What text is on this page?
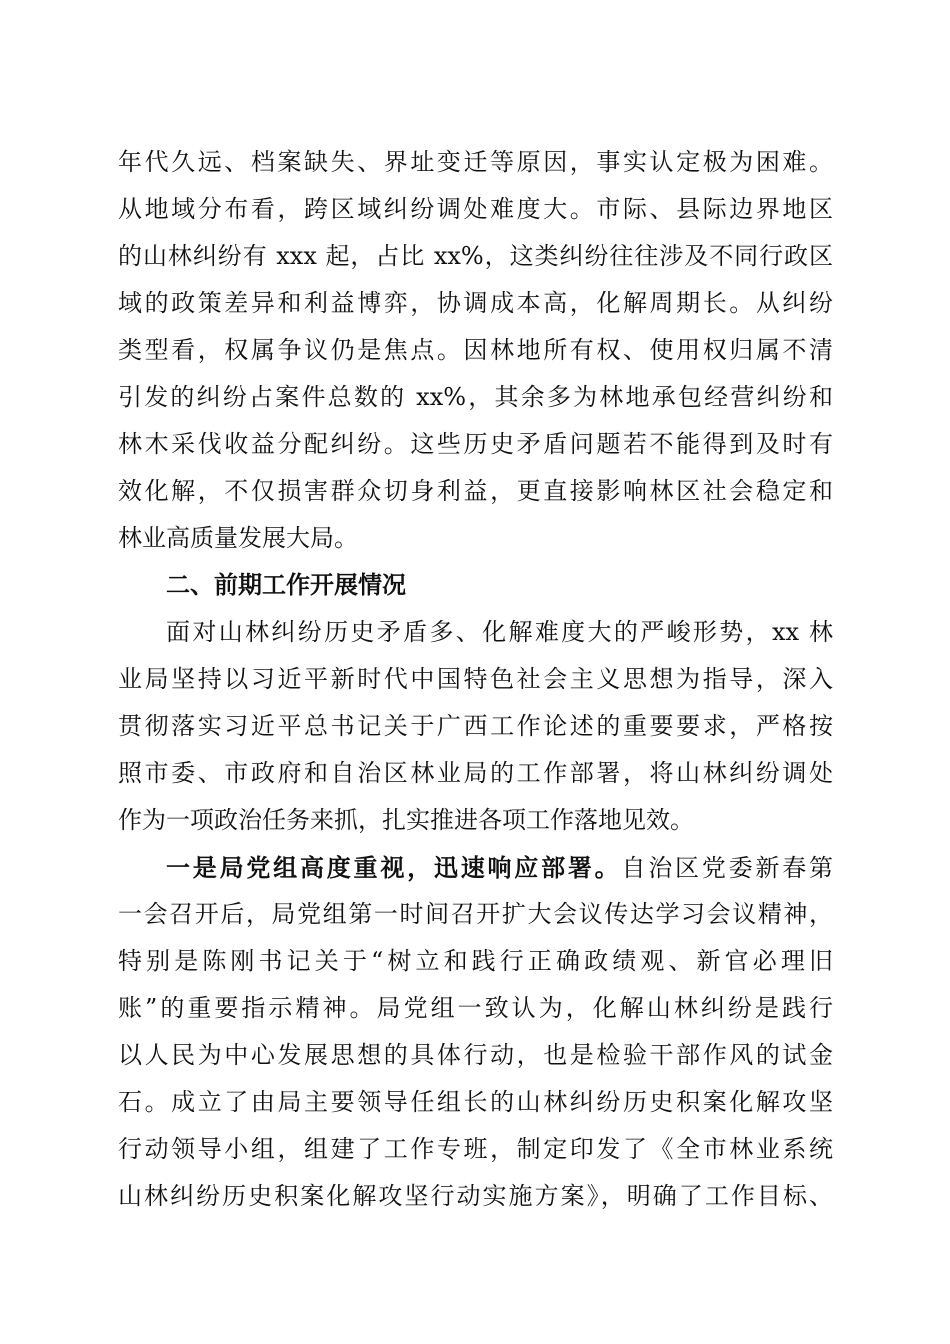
年代久远、档案缺失、界址变迁等原因，事实认定极为困难。
从地域分布看，跨区域纠纷调处难度大。市际、县际边界地区
的山林纠纷有 xxx 起，占比 xx%，这类纠纷往往涉及不同行政区
域的政策差异和利益博弈，协调成本高，化解周期长。从纠纷
类型看，权属争议仍是焦点。因林地所有权、使用权归属不清
引发的纠纷占案件总数的 xx%，其余多为林地承包经营纠纷和
林木采伐收益分配纠纷。这些历史矛盾问题若不能得到及时有
效化解，不仅损害群众切身利益，更直接影响林区社会稳定和
林业高质量发展大局。
二、前期工作开展情况
面对山林纠纷历史矛盾多、化解难度大的严峻形势，xx 林
业局坚持以习近平新时代中国特色社会主义思想为指导，深入
贯彻落实习近平总书记关于广西工作论述的重要要求，严格按
照市委、市政府和自治区林业局的工作部署，将山林纠纷调处
作为一项政治任务来抓，扎实推进各项工作落地见效。
一是局党组高度重视，迅速响应部署。自治区党委新春第
一会召开后，局党组第一时间召开扩大会议传达学习会议精神，
特别是陈刚书记关于“树立和践行正确政绩观、新官必理旧
账”的重要指示精神。局党组一致认为，化解山林纠纷是践行
以人民为中心发展思想的具体行动，也是检验干部作风的试金
石。成立了由局主要领导任组长的山林纠纷历史积案化解攻坚
行动领导小组，组建了工作专班，制定印发了《全市林业系统
山林纠纷历史积案化解攻坚行动实施方案》，明确了工作目标、
